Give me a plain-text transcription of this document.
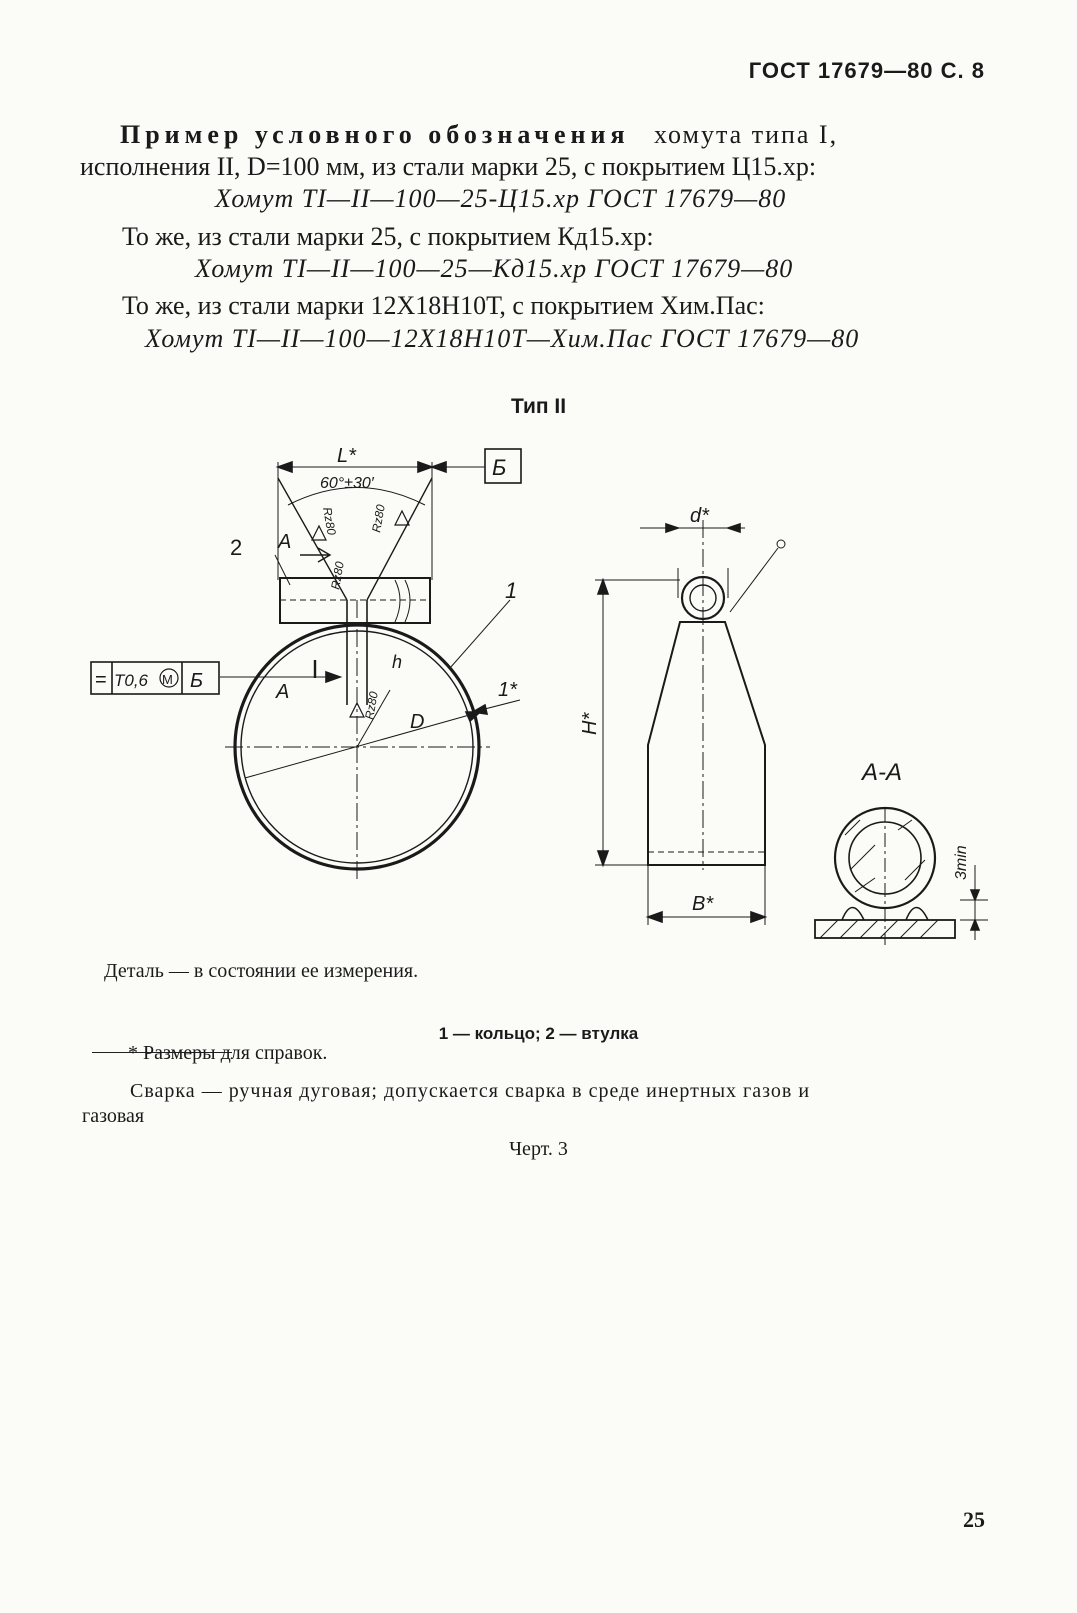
ГОСТ 17679—80 С. 8
Пример условного обозначения хомута типа I,
исполнения II, D=100 мм, из стали марки 25, с покрытием Ц15.хр:
Хомут ТI—II—100—25-Ц15.хр ГОСТ 17679—80
То же, из стали марки 25, с покрытием Кд15.хр:
Хомут ТI—II—100—25—Кд15.хр ГОСТ 17679—80
То же, из стали марки 12Х18Н10Т, с покрытием Хим.Пас:
Хомут ТI—II—100—12Х18Н10Т—Хим.Пас ГОСТ 17679—80
Тип II
L*
60°±30′
Б
Rz80	Rz80
Rz80
Rz80
2
1
А
А
h
= Т0,6 М Б	1*
D
d*
H*
B*
А-А
3min
Деталь — в состоянии ее измерения.
1 — кольцо; 2 — втулка
* Размеры для справок.
Сварка — ручная дуговая; допускается сварка в среде инертных газов и
газовая
Черт. 3
25
